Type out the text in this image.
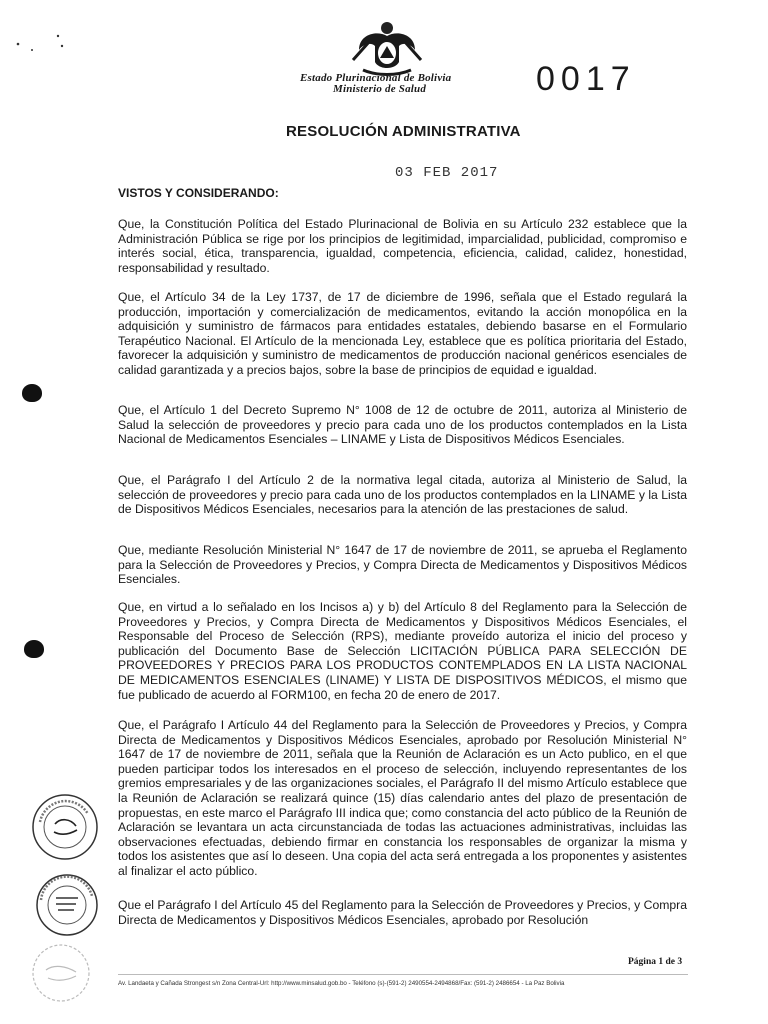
Estado Plurinacional de Bolivia
Ministerio de Salud	0017
RESOLUCIÓN ADMINISTRATIVA
03 FEB 2017
VISTOS Y CONSIDERANDO:
Que, la Constitución Política del Estado Plurinacional de Bolivia en su Artículo 232 establece que la Administración Pública se rige por los principios de legitimidad, imparcialidad, publicidad, compromiso e interés social, ética, transparencia, igualdad, competencia, eficiencia, calidad, calidez, honestidad, responsabilidad y resultado.
Que, el Artículo 34 de la Ley 1737, de 17 de diciembre de 1996, señala que el Estado regulará la producción, importación y comercialización de medicamentos, evitando la acción monopólica en la adquisición y suministro de fármacos para entidades estatales, debiendo basarse en el Formulario Terapéutico Nacional. El Artículo de la mencionada Ley, establece que es política prioritaria del Estado, favorecer la adquisición y suministro de medicamentos de producción nacional genéricos esenciales de calidad garantizada y a precios bajos, sobre la base de principios de equidad e igualdad.
Que, el Artículo 1 del Decreto Supremo N° 1008 de 12 de octubre de 2011, autoriza al Ministerio de Salud la selección de proveedores y precio para cada uno de los productos contemplados en la Lista Nacional de Medicamentos Esenciales – LINAME y Lista de Dispositivos Médicos Esenciales.
Que, el Parágrafo I del Artículo 2 de la normativa legal citada, autoriza al Ministerio de Salud, la selección de proveedores y precio para cada uno de los productos contemplados en la LINAME y la Lista de Dispositivos Médicos Esenciales, necesarios para la atención de las prestaciones de salud.
Que, mediante Resolución Ministerial N° 1647 de 17 de noviembre de 2011, se aprueba el Reglamento para la Selección de Proveedores y Precios, y Compra Directa de Medicamentos y Dispositivos Médicos Esenciales.
Que, en virtud a lo señalado en los Incisos a) y b) del Artículo 8 del Reglamento para la Selección de Proveedores y Precios, y Compra Directa de Medicamentos y Dispositivos Médicos Esenciales, el Responsable del Proceso de Selección (RPS), mediante proveído autoriza el inicio del proceso y publicación del Documento Base de Selección LICITACIÓN PÚBLICA PARA SELECCIÓN DE PROVEEDORES Y PRECIOS PARA LOS PRODUCTOS CONTEMPLADOS EN LA LISTA NACIONAL DE MEDICAMENTOS ESENCIALES (LINAME) Y LISTA DE DISPOSITIVOS MÉDICOS, el mismo que fue publicado de acuerdo al FORM100, en fecha 20 de enero de 2017.
Que, el Parágrafo I Artículo 44 del Reglamento para la Selección de Proveedores y Precios, y Compra Directa de Medicamentos y Dispositivos Médicos Esenciales, aprobado por Resolución Ministerial N° 1647 de 17 de noviembre de 2011, señala que la Reunión de Aclaración es un Acto publico, en el que pueden participar todos los interesados en el proceso de selección, incluyendo representantes de los gremios empresariales y de las organizaciones sociales, el Parágrafo II del mismo Artículo establece que la Reunión de Aclaración se realizará quince (15) días calendario antes del plazo de presentación de propuestas, en este marco el Parágrafo III indica que; como constancia del acto público de la Reunión de Aclaración se levantara un acta circunstanciada de todas las actuaciones administrativas, incluidas las observaciones efectuadas, debiendo firmar en constancia los responsables de organizar la misma y todos los asistentes que así lo deseen. Una copia del acta será entregada a los proponentes y asistentes al finalizar el acto público.
Que el Parágrafo I del Artículo 45 del Reglamento para la Selección de Proveedores y Precios, y Compra Directa de Medicamentos y Dispositivos Médicos Esenciales, aprobado por Resolución
Página 1 de 3
Av. Landaeta y Cañada Strongest s/n Zona Central-Url: http://www.minsalud.gob.bo - Teléfono (s)-(591-2) 2490554-2494868/Fax: (591-2) 2486654 - La Paz Bolivia
